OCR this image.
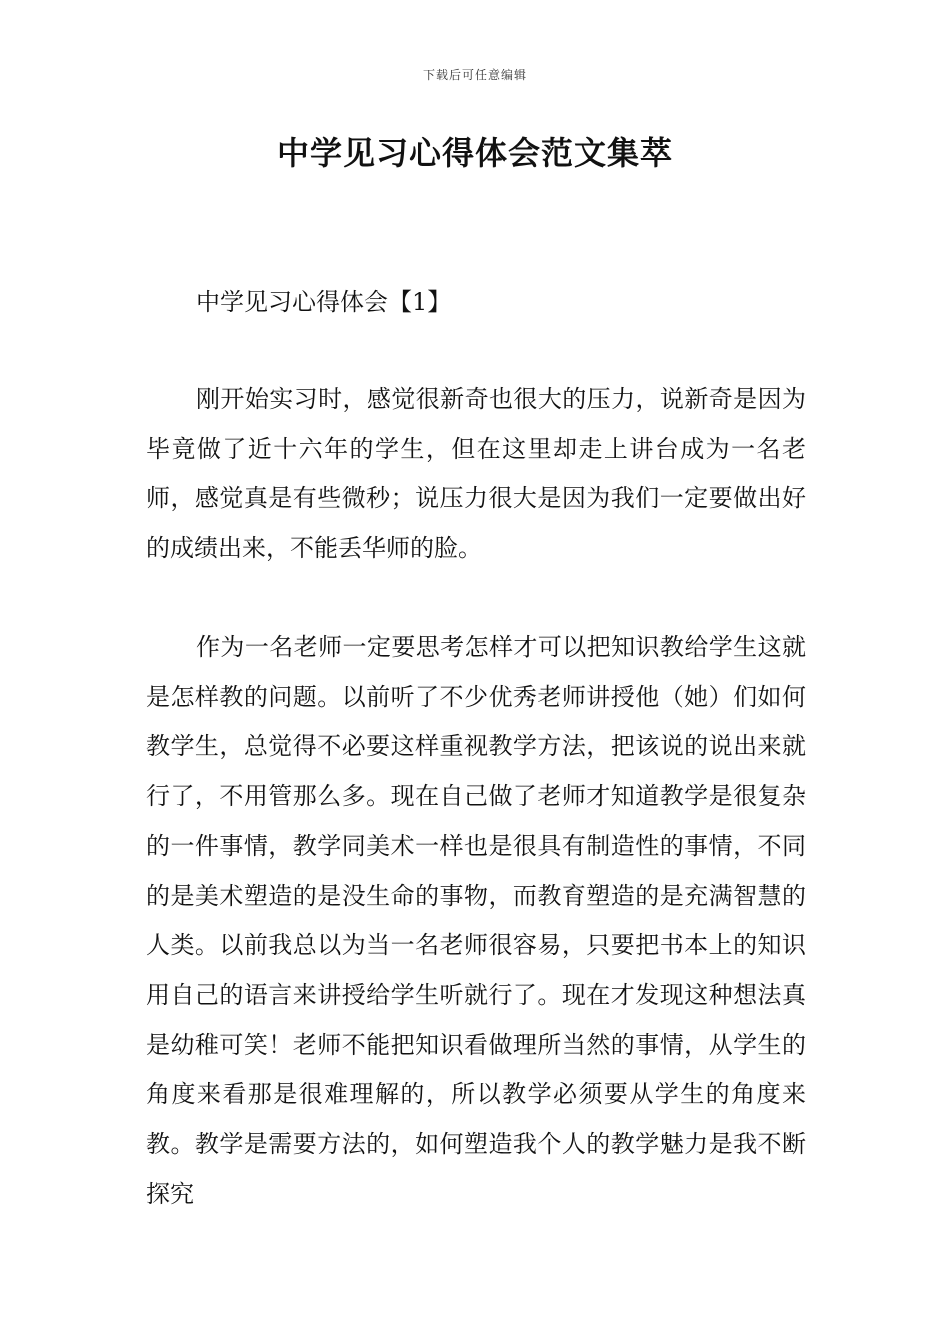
下载后可任意编辑
中学见习心得体会范文集萃
中学见习心得体会【1】

刚开始实习时，感觉很新奇也很大的压力，说新奇是因为毕竟做了近十六年的学生，但在这里却走上讲台成为一名老师，感觉真是有些微秒；说压力很大是因为我们一定要做出好的成绩出来，不能丢华师的脸。

作为一名老师一定要思考怎样才可以把知识教给学生这就是怎样教的问题。以前听了不少优秀老师讲授他（她）们如何教学生，总觉得不必要这样重视教学方法，把该说的说出来就行了，不用管那么多。现在自己做了老师才知道教学是很复杂的一件事情，教学同美术一样也是很具有制造性的事情，不同的是美术塑造的是没生命的事物，而教育塑造的是充满智慧的人类。以前我总以为当一名老师很容易，只要把书本上的知识用自己的语言来讲授给学生听就行了。现在才发现这种想法真是幼稚可笑！老师不能把知识看做理所当然的事情，从学生的角度来看那是很难理解的，所以教学必须要从学生的角度来教。教学是需要方法的，如何塑造我个人的教学魅力是我不断探究
